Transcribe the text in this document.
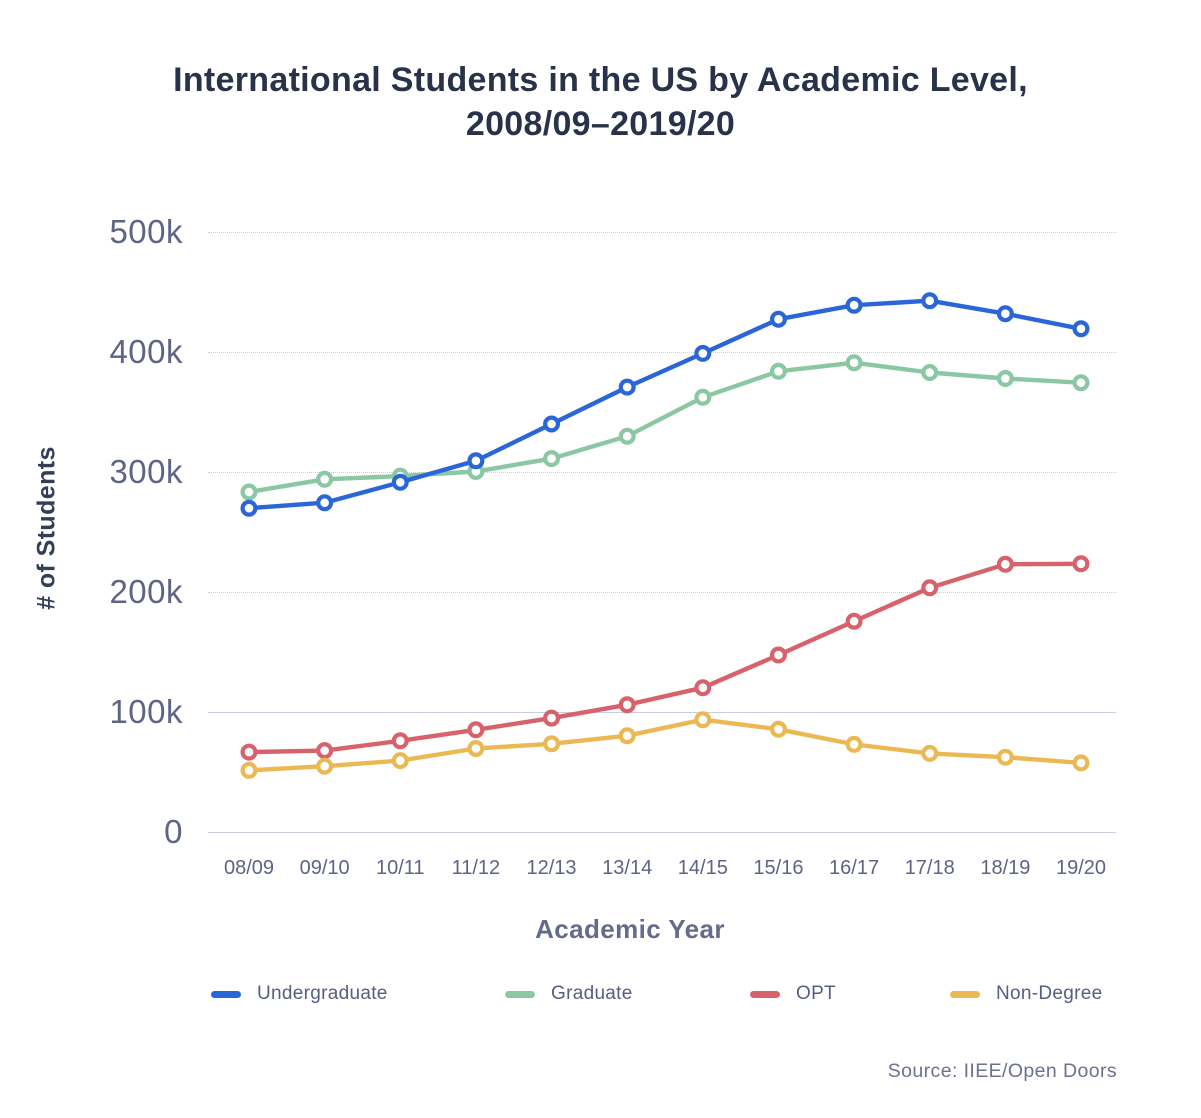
International Students in the US by Academic Level,
2008/09–2019/20
# of Students
500k
400k
300k
200k
100k
0
08/09	09/10	10/11	11/12	12/13	13/14	14/15	15/16	16/17	17/18	18/19	19/20
Academic Year
Undergraduate	Graduate	OPT	Non-Degree
Source: IIEE/Open Doors
